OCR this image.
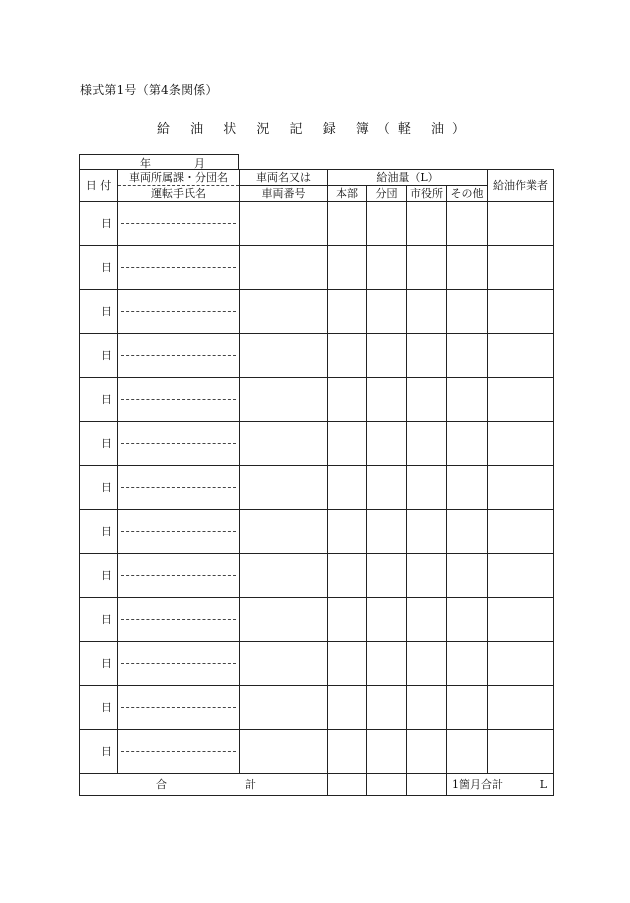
様式第1号（第4条関係）
給 油 状 況 記 録 簿（軽 油）
年	月
日 付	車両所属課・分団名	車両名又は	給油量（L）				給油作業者
	運転手氏名	車両番号	本部	分団	市役所	その他	
日	

日	

日	

日	

日	

日	

日	

日	

日	

日	

日	

日	

日	

合 計						1箇月合計 L	
